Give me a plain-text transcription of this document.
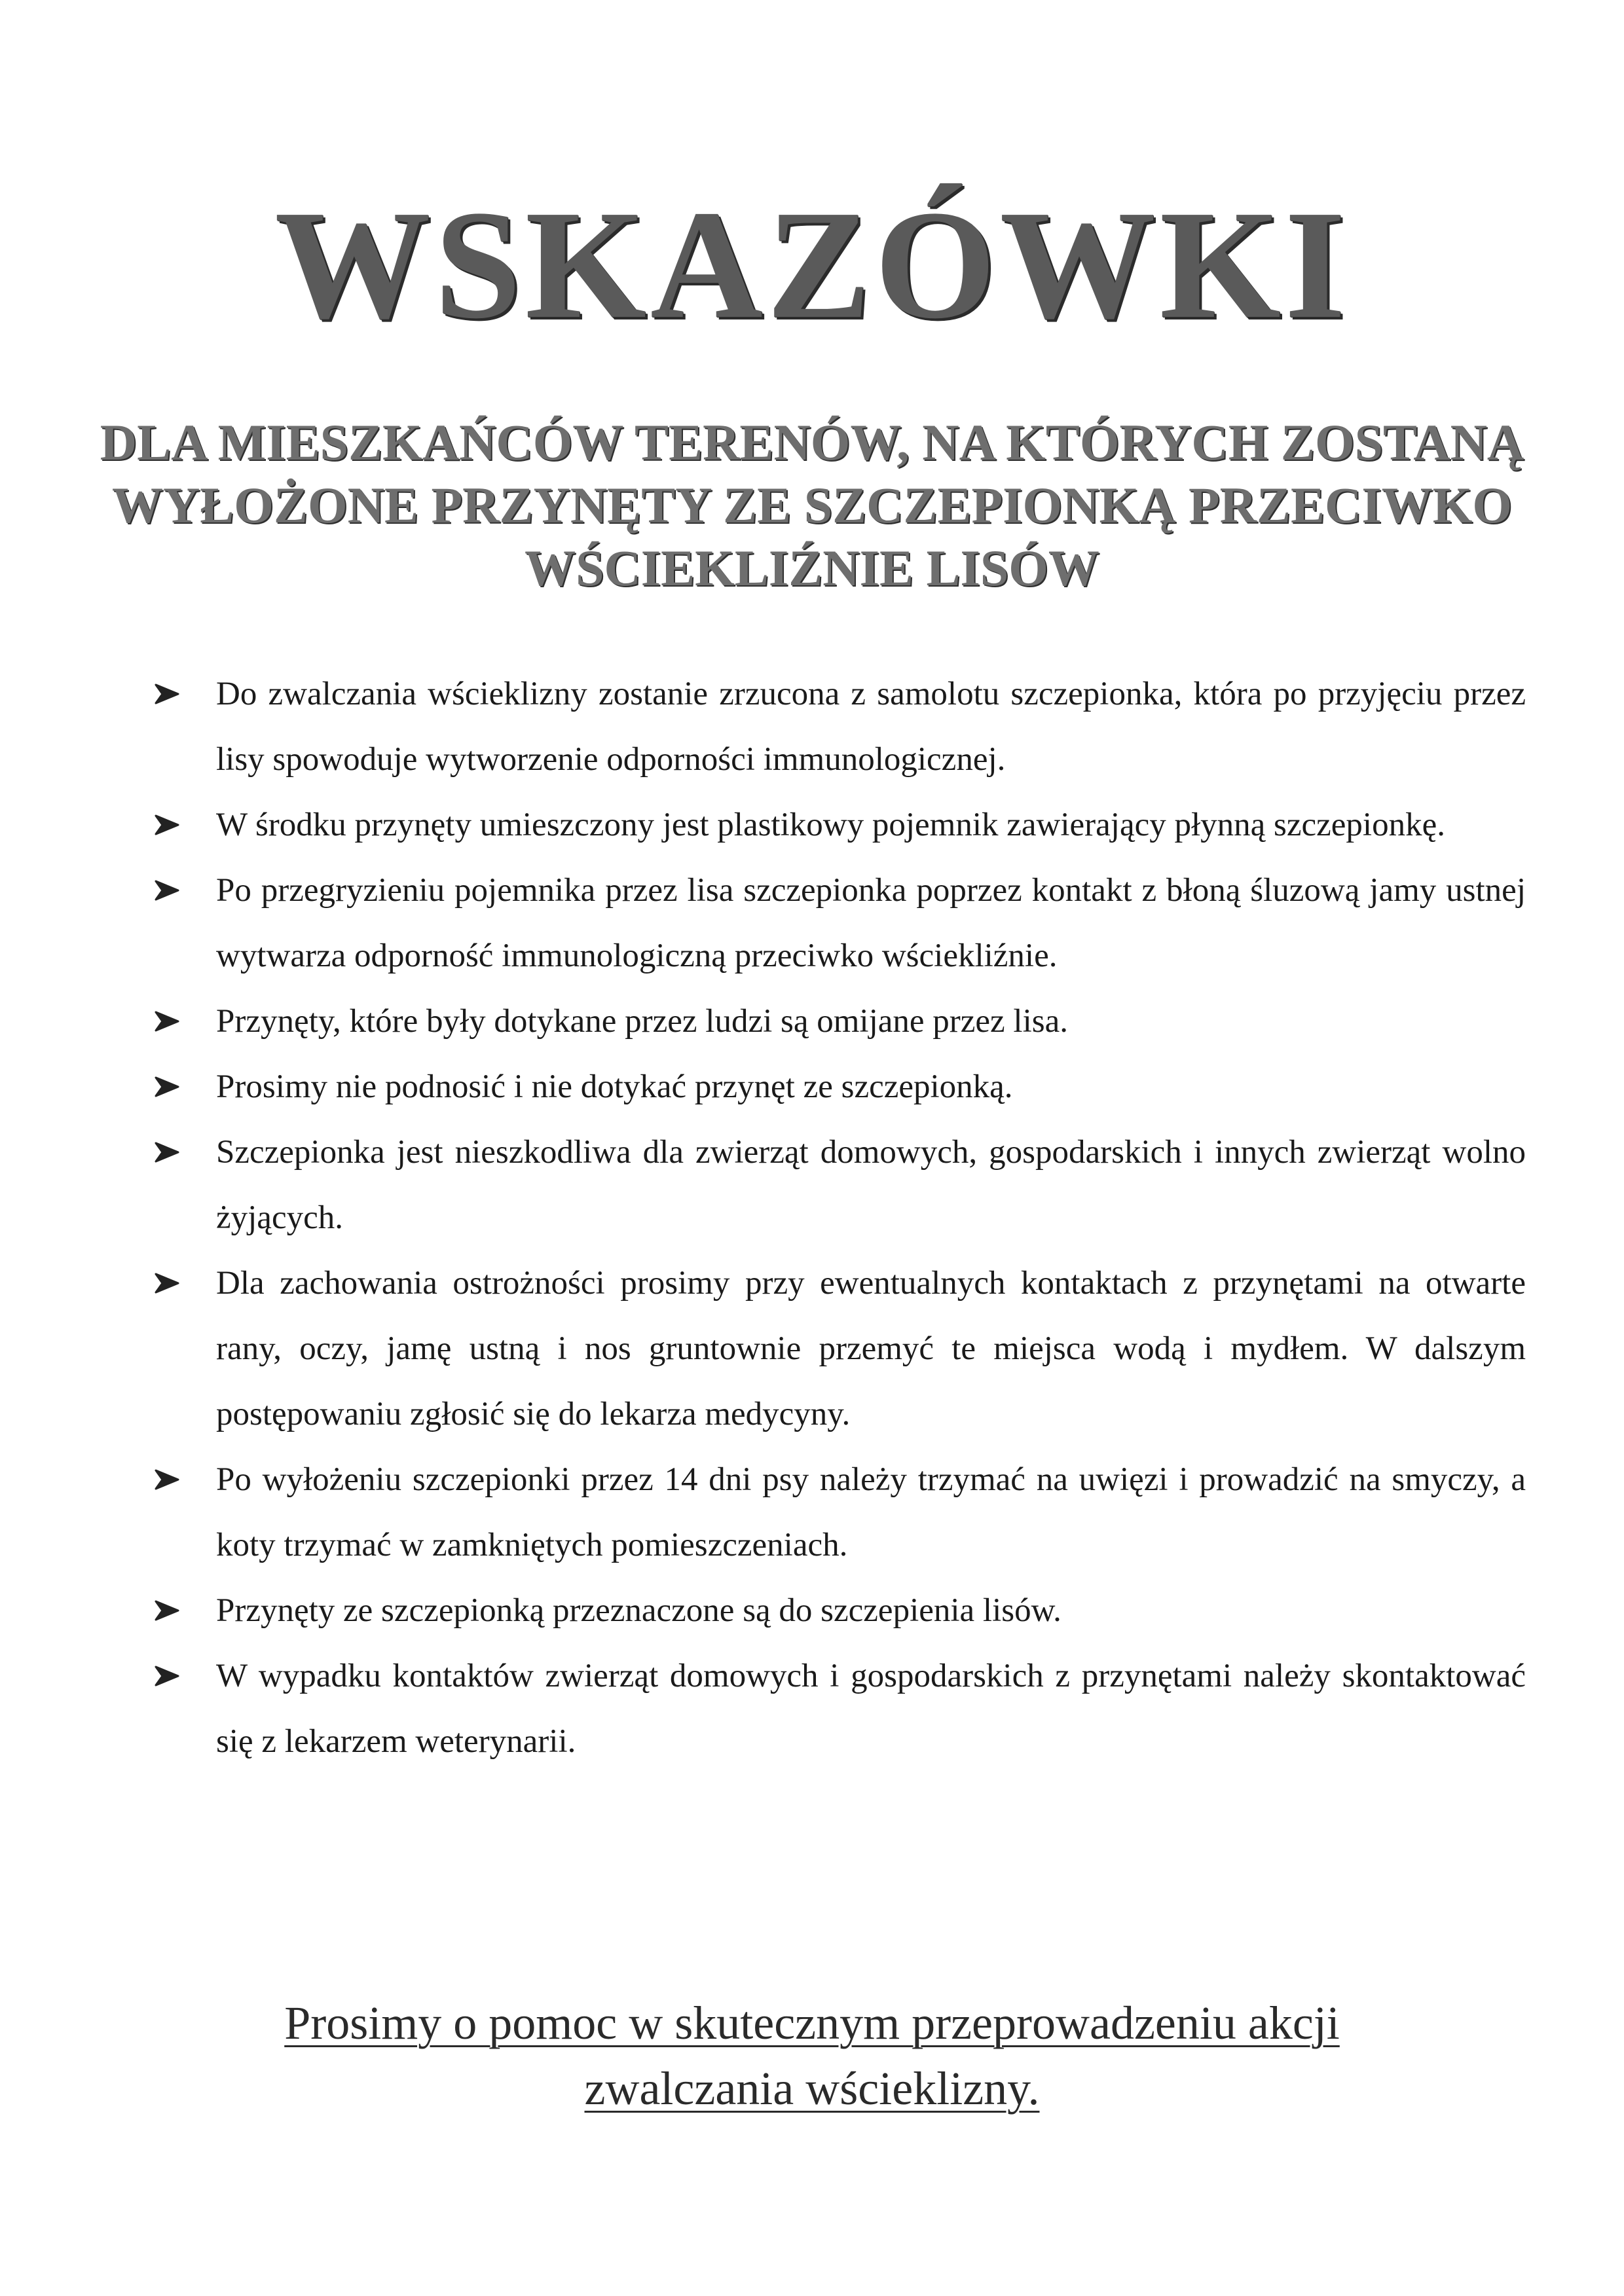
WSKAZÓWKI
DLA MIESZKAŃCÓW TERENÓW, NA KTÓRYCH ZOSTANĄ
WYŁOŻONE PRZYNĘTY ZE SZCZEPIONKĄ PRZECIWKO
WŚCIEKLIŹNIE LISÓW
Do zwalczania wścieklizny zostanie zrzucona z samolotu szczepionka, która po przyjęciu przez lisy spowoduje wytworzenie odporności immunologicznej.
W środku przynęty umieszczony jest plastikowy pojemnik zawierający płynną szczepionkę.
Po przegryzieniu pojemnika przez lisa szczepionka poprzez kontakt z błoną śluzową jamy ustnej wytwarza odporność immunologiczną przeciwko wściekliźnie.
Przynęty, które były dotykane przez ludzi są omijane przez lisa.
Prosimy nie podnosić i nie dotykać przynęt ze szczepionką.
Szczepionka jest nieszkodliwa dla zwierząt domowych, gospodarskich i innych zwierząt wolno żyjących.
Dla zachowania ostrożności prosimy przy ewentualnych kontaktach z przynętami na otwarte rany, oczy, jamę ustną i nos gruntownie przemyć te miejsca wodą i mydłem. W dalszym postępowaniu zgłosić się do lekarza medycyny.
Po wyłożeniu szczepionki przez 14 dni psy należy trzymać na uwięzi i prowadzić na smyczy, a koty trzymać w zamkniętych pomieszczeniach.
Przynęty ze szczepionką przeznaczone są do szczepienia lisów.
W wypadku kontaktów zwierząt domowych i gospodarskich z przynętami należy skontaktować się z lekarzem weterynarii.
Prosimy o pomoc w skutecznym przeprowadzeniu akcji
zwalczania wścieklizny.
